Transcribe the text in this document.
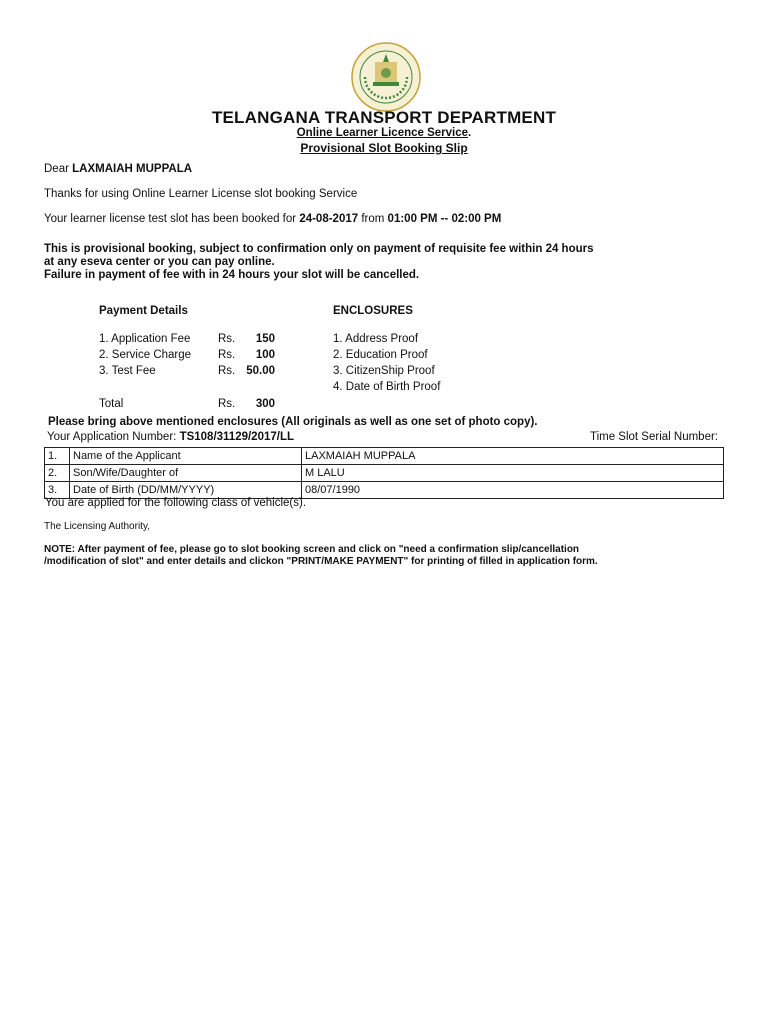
TELANGANA TRANSPORT DEPARTMENT
Online Learner Licence Service.
Provisional Slot Booking Slip
Dear LAXMAIAH MUPPALA
Thanks for using Online Learner License slot booking Service
Your learner license test slot has been booked for 24-08-2017 from 01:00 PM -- 02:00 PM
This is provisional booking, subject to confirmation only on payment of requisite fee within 24 hours
at any eseva center or you can pay online.
Failure in payment of fee with in 24 hours your slot will be cancelled.
Payment Details	ENCLOSURES
1. Application Fee Rs.	150
2. Service Charge Rs.	100
3. Test Fee	Rs. 50.00
Total	Rs.	300
1. Address Proof
2. Education Proof
3. CitizenShip Proof
4. Date of Birth Proof
Please bring above mentioned enclosures (All originals as well as one set of photo copy).
Your Application Number: TS108/31129/2017/LL	Time Slot Serial Number:
1.	Name of the Applicant	LAXMAIAH MUPPALA
2.	Son/Wife/Daughter of	M LALU
3.	Date of Birth (DD/MM/YYYY)	08/07/1990
You are applied for the following class of vehicle(s).
The Licensing Authority,
NOTE: After payment of fee, please go to slot booking screen and click on "need a confirmation slip/cancellation
/modification of slot" and enter details and clickon "PRINT/MAKE PAYMENT" for printing of filled in application form.
